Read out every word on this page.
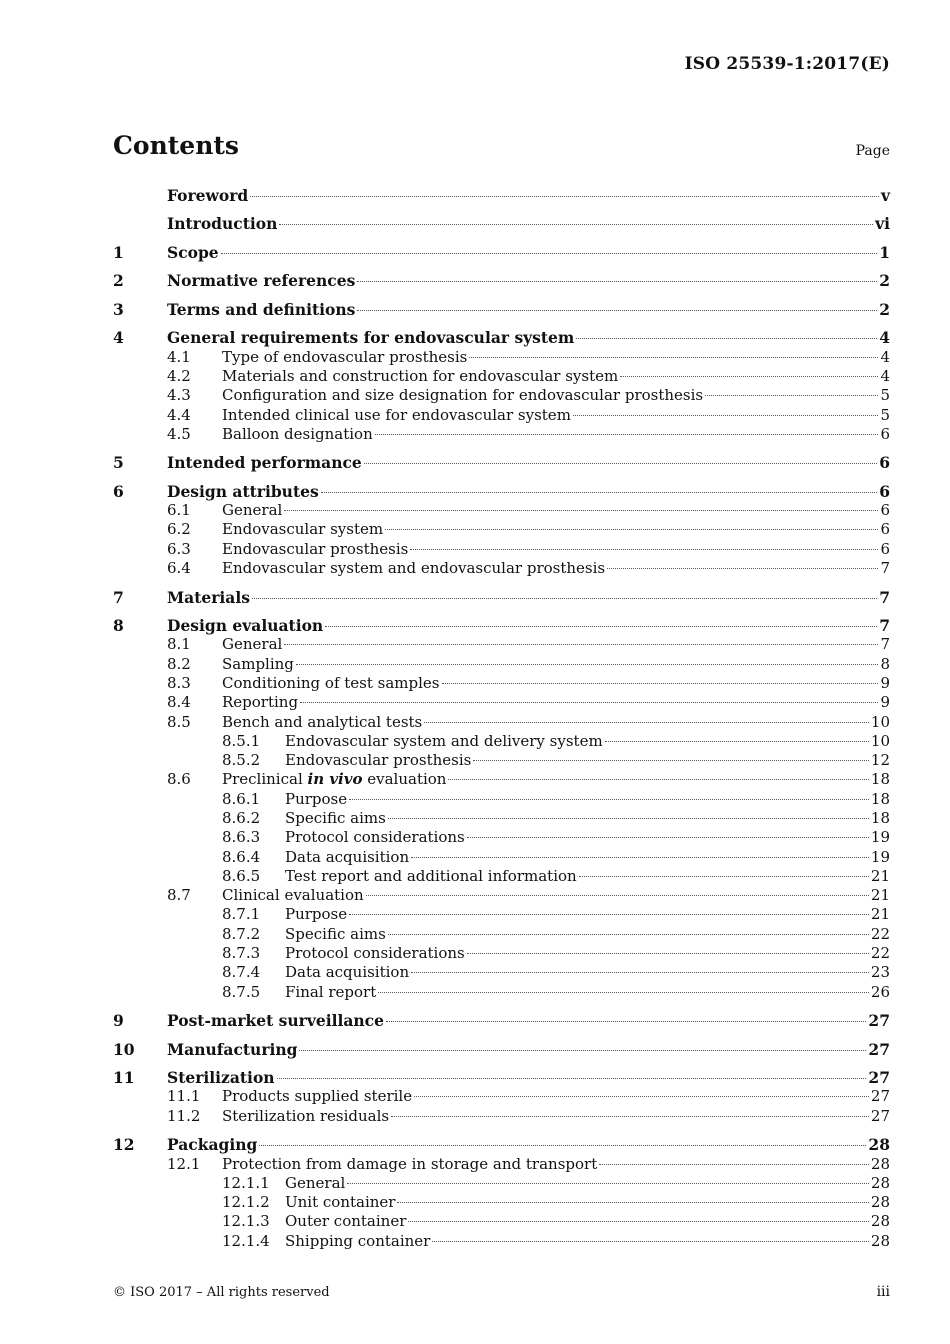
ISO 25539-1:2017(E)
Contents	Page
Foreword	v
Introduction	vi
1	Scope	1
2	Normative references	2
3	Terms and definitions	2
4	General requirements for endovascular system	4
4.1	Type of endovascular prosthesis	4
4.2	Materials and construction for endovascular system	4
4.3	Configuration and size designation for endovascular prosthesis	5
4.4	Intended clinical use for endovascular system	5
4.5	Balloon designation	6
5	Intended performance	6
6	Design attributes	6
6.1	General	6
6.2	Endovascular system	6
6.3	Endovascular prosthesis	6
6.4	Endovascular system and endovascular prosthesis	7
7	Materials	7
8	Design evaluation	7
8.1	General	7
8.2	Sampling	8
8.3	Conditioning of test samples	9
8.4	Reporting	9
8.5	Bench and analytical tests	10
8.5.1	Endovascular system and delivery system	10
8.5.2	Endovascular prosthesis	12
8.6	Preclinical in vivo evaluation	18
8.6.1	Purpose	18
8.6.2	Specific aims	18
8.6.3	Protocol considerations	19
8.6.4	Data acquisition	19
8.6.5	Test report and additional information	21
8.7	Clinical evaluation	21
8.7.1	Purpose	21
8.7.2	Specific aims	22
8.7.3	Protocol considerations	22
8.7.4	Data acquisition	23
8.7.5	Final report	26
9	Post-market surveillance	27
10	Manufacturing	27
11	Sterilization	27
11.1	Products supplied sterile	27
11.2	Sterilization residuals	27
12	Packaging	28
12.1	Protection from damage in storage and transport	28
12.1.1	General	28
12.1.2	Unit container	28
12.1.3	Outer container	28
12.1.4	Shipping container	28
© ISO 2017 – All rights reserved	iii
